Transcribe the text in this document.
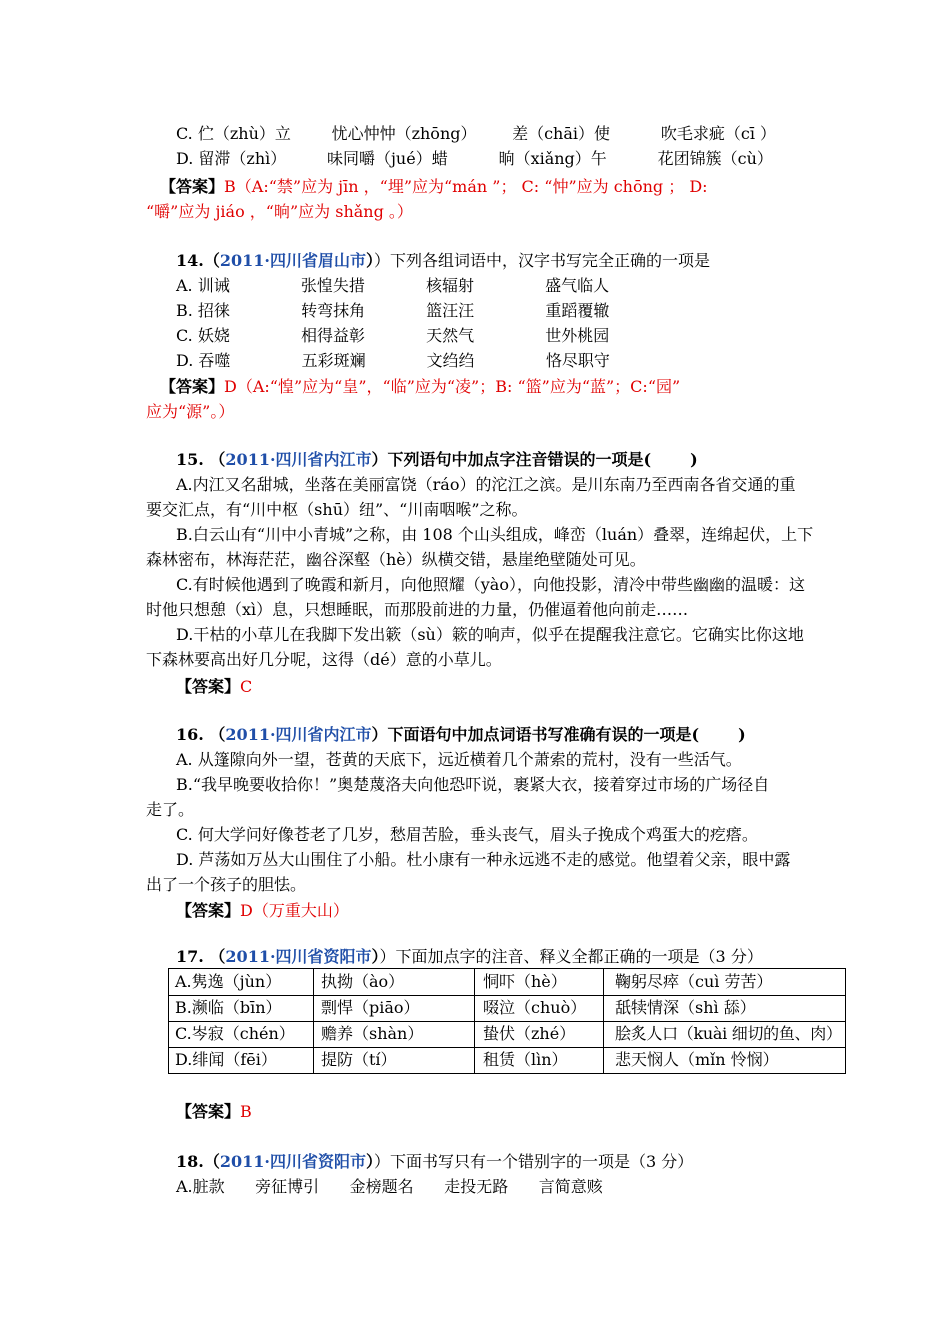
C. 伫（zhù）立        忧心忡忡（zhōng）       差（chāi）使          吹毛求疵（cī ）
D. 留滞（zhì）        味同嚼（jué）蜡          晌（xiǎng）午          花团锦簇（cù）
【答案】B（A:“禁”应为 jīn ，“埋”应为“mán ”； C: “忡”应为 chōng ； D:
“嚼”应为 jiáo ，“晌”应为 shǎng 。）
14.（2011·四川省眉山市））下列各组词语中，汉字书写完全正确的一项是
A. 训诫              张惶失措            核辐射              盛气临人
B. 招徕              转弯抹角            篮汪汪              重蹈覆辙
C. 妖娆              相得益彰            天然气              世外桃园
D. 吞噬              五彩斑斓            文绉绉              恪尽职守
【答案】D（A:“惶”应为“皇”，“临”应为“凌”；B: “篮”应为“蓝”；C:“园”
应为“源”。）
15. （2011·四川省内江市）下列语句中加点字注音错误的一项是(       )
A.内江又名甜城，坐落在美丽富饶（ráo）的沱江之滨。是川东南乃至西南各省交通的重
要交汇点，有“川中枢（shū）纽”、“川南咽喉”之称。
B.白云山有“川中小青城”之称，由 108 个山头组成，峰峦（luán）叠翠，连绵起伏，上下
森林密布，林海茫茫，幽谷深壑（hè）纵横交错，悬崖绝壁随处可见。
C.有时候他遇到了晚霞和新月，向他照耀（yào），向他投影，清冷中带些幽幽的温暖：这
时他只想憩（xì）息，只想睡眠，而那股前进的力量，仍催逼着他向前走……
D.干枯的小草儿在我脚下发出簌（sù）簌的响声，似乎在提醒我注意它。它确实比你这地
下森林要高出好几分呢，这得（dé）意的小草儿。
【答案】C
16. （2011·四川省内江市）下面语句中加点词语书写准确有误的一项是(       )
A. 从篷隙向外一望，苍黄的天底下，远近横着几个萧索的荒村，没有一些活气。
B.“我早晚要收拾你！”奥楚蔑洛夫向他恐吓说，裹紧大衣，接着穿过市场的广场径自
走了。
C. 何大学问好像苍老了几岁，愁眉苦脸，垂头丧气，眉头子挽成个鸡蛋大的疙瘩。
D. 芦荡如万丛大山围住了小船。杜小康有一种永远逃不走的感觉。他望着父亲，眼中露
出了一个孩子的胆怯。
【答案】D（万重大山）
17. （2011·四川省资阳市））下面加点字的注音、释义全都正确的一项是（3 分）
A.隽逸（jùn） 执拗（ào）	恫吓（hè）	鞠躬尽瘁（cuì 劳苦）
B.濒临（bīn） 剽悍（piāo）	啜泣（chuò） 舐犊情深（shì 舔）
C.岑寂（chén） 赡养（shàn）	蛰伏（zhé） 脍炙人口（kuài 细切的鱼、肉）
D.绯闻（fēi）	提防（tí）	租赁（lìn）	悲天悯人（mǐn 怜悯）
【答案】B
18.（2011·四川省资阳市））下面书写只有一个错别字的一项是（3 分）
A.脏款      旁征博引      金榜题名      走投无路      言简意赅
